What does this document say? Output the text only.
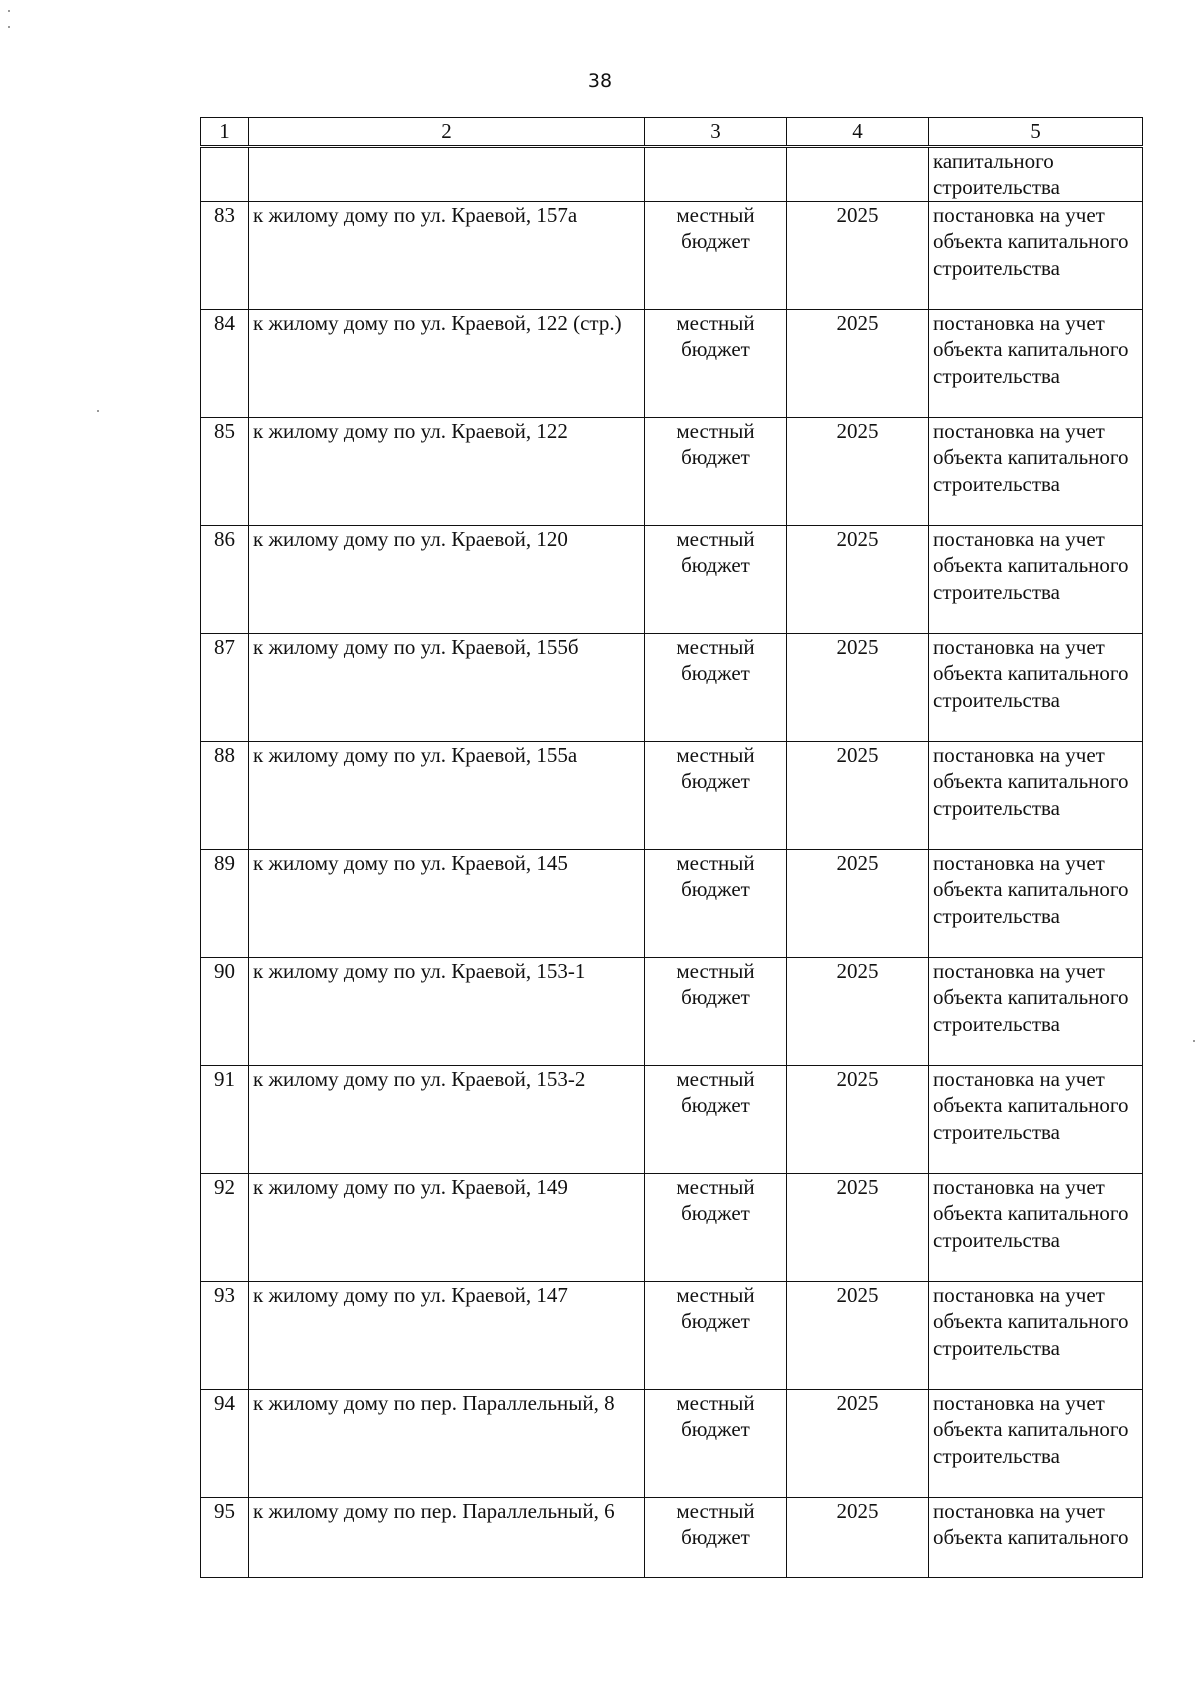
38
1	2	3	4	5
				капитального строительства
83	к жилому дому по ул. Краевой, 157а	местный бюджет	2025	постановка на учет объекта капитального строительства
84	к жилому дому по ул. Краевой, 122 (стр.)	местный бюджет	2025	постановка на учет объекта капитального строительства
85	к жилому дому по ул. Краевой, 122	местный бюджет	2025	постановка на учет объекта капитального строительства
86	к жилому дому по ул. Краевой, 120	местный бюджет	2025	постановка на учет объекта капитального строительства
87	к жилому дому по ул. Краевой, 155б	местный бюджет	2025	постановка на учет объекта капитального строительства
88	к жилому дому по ул. Краевой, 155а	местный бюджет	2025	постановка на учет объекта капитального строительства
89	к жилому дому по ул. Краевой, 145	местный бюджет	2025	постановка на учет объекта капитального строительства
90	к жилому дому по ул. Краевой, 153-1	местный бюджет	2025	постановка на учет объекта капитального строительства
91	к жилому дому по ул. Краевой, 153-2	местный бюджет	2025	постановка на учет объекта капитального строительства
92	к жилому дому по ул. Краевой, 149	местный бюджет	2025	постановка на учет объекта капитального строительства
93	к жилому дому по ул. Краевой, 147	местный бюджет	2025	постановка на учет объекта капитального строительства
94	к жилому дому по пер. Параллельный, 8	местный бюджет	2025	постановка на учет объекта капитального строительства
95	к жилому дому по пер. Параллельный, 6	местный бюджет	2025	постановка на учет объекта капитального
